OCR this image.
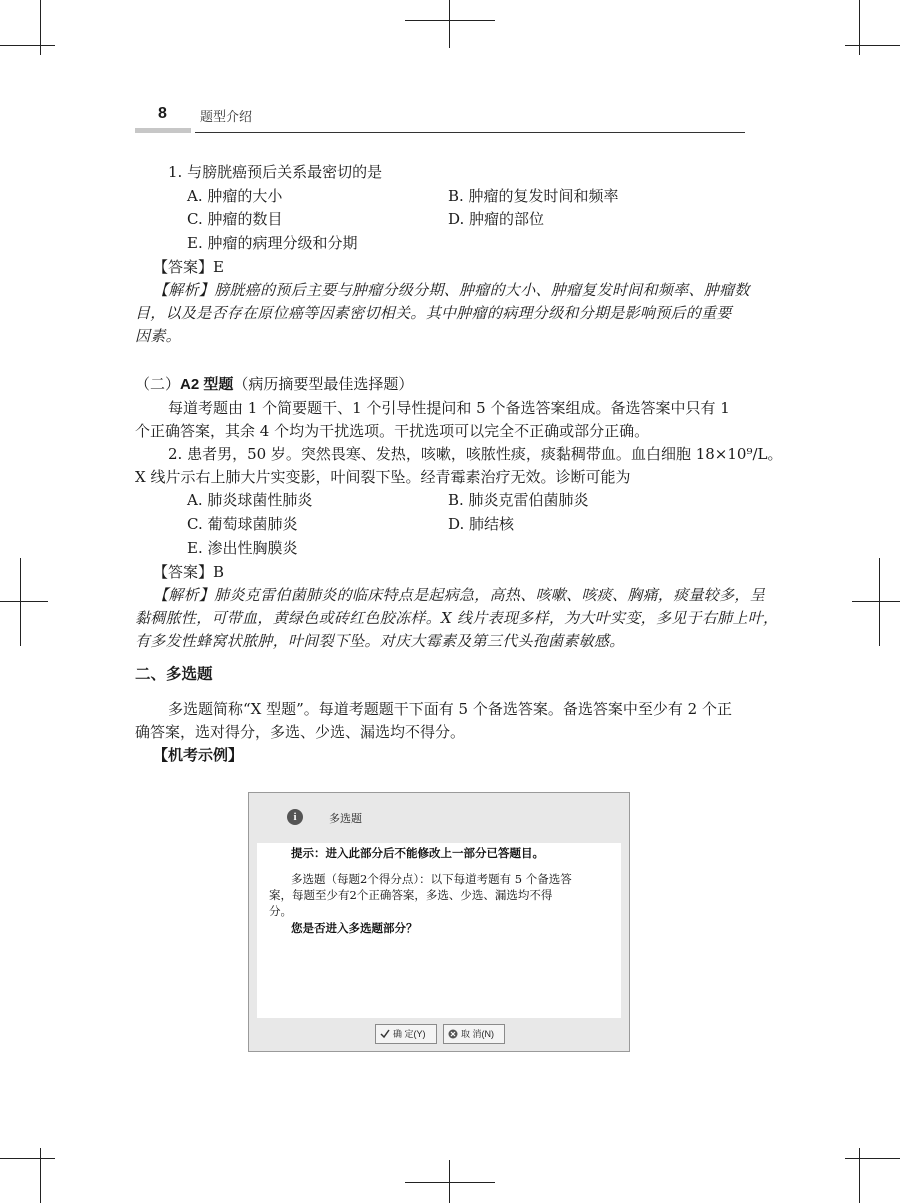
8	题型介绍
1. 与膀胱癌预后关系最密切的是
A. 肿瘤的大小	B. 肿瘤的复发时间和频率
C. 肿瘤的数目	D. 肿瘤的部位
E. 肿瘤的病理分级和分期
【答案】E
【解析】膀胱癌的预后主要与肿瘤分级分期、肿瘤的大小、肿瘤复发时间和频率、肿瘤数
目，以及是否存在原位癌等因素密切相关。其中肿瘤的病理分级和分期是影响预后的重要
因素。
（二）A2 型题（病历摘要型最佳选择题）
每道考题由 1 个简要题干、1 个引导性提问和 5 个备选答案组成。备选答案中只有 1
个正确答案，其余 4 个均为干扰选项。干扰选项可以完全不正确或部分正确。
2. 患者男，50 岁。突然畏寒、发热，咳嗽，咳脓性痰，痰黏稠带血。血白细胞 18×10⁹/L。
X 线片示右上肺大片实变影，叶间裂下坠。经青霉素治疗无效。诊断可能为
A. 肺炎球菌性肺炎	B. 肺炎克雷伯菌肺炎
C. 葡萄球菌肺炎	D. 肺结核
E. 渗出性胸膜炎
【答案】B
【解析】肺炎克雷伯菌肺炎的临床特点是起病急，高热、咳嗽、咳痰、胸痛，痰量较多，呈
黏稠脓性，可带血，黄绿色或砖红色胶冻样。X 线片表现多样，为大叶实变，多见于右肺上叶，
有多发性蜂窝状脓肿，叶间裂下坠。对庆大霉素及第三代头孢菌素敏感。
二、多选题
多选题简称“X 型题”。每道考题题干下面有 5 个备选答案。备选答案中至少有 2 个正
确答案，选对得分，多选、少选、漏选均不得分。
【机考示例】
i	多选题
提示：进入此部分后不能修改上一部分已答题目。
多选题（每题2个得分点）：以下每道考题有 5 个备选答
案，每题至少有2个正确答案，多选、少选、漏选均不得
分。
您是否进入多选题部分？
确 定(Y)	取 消(N)
